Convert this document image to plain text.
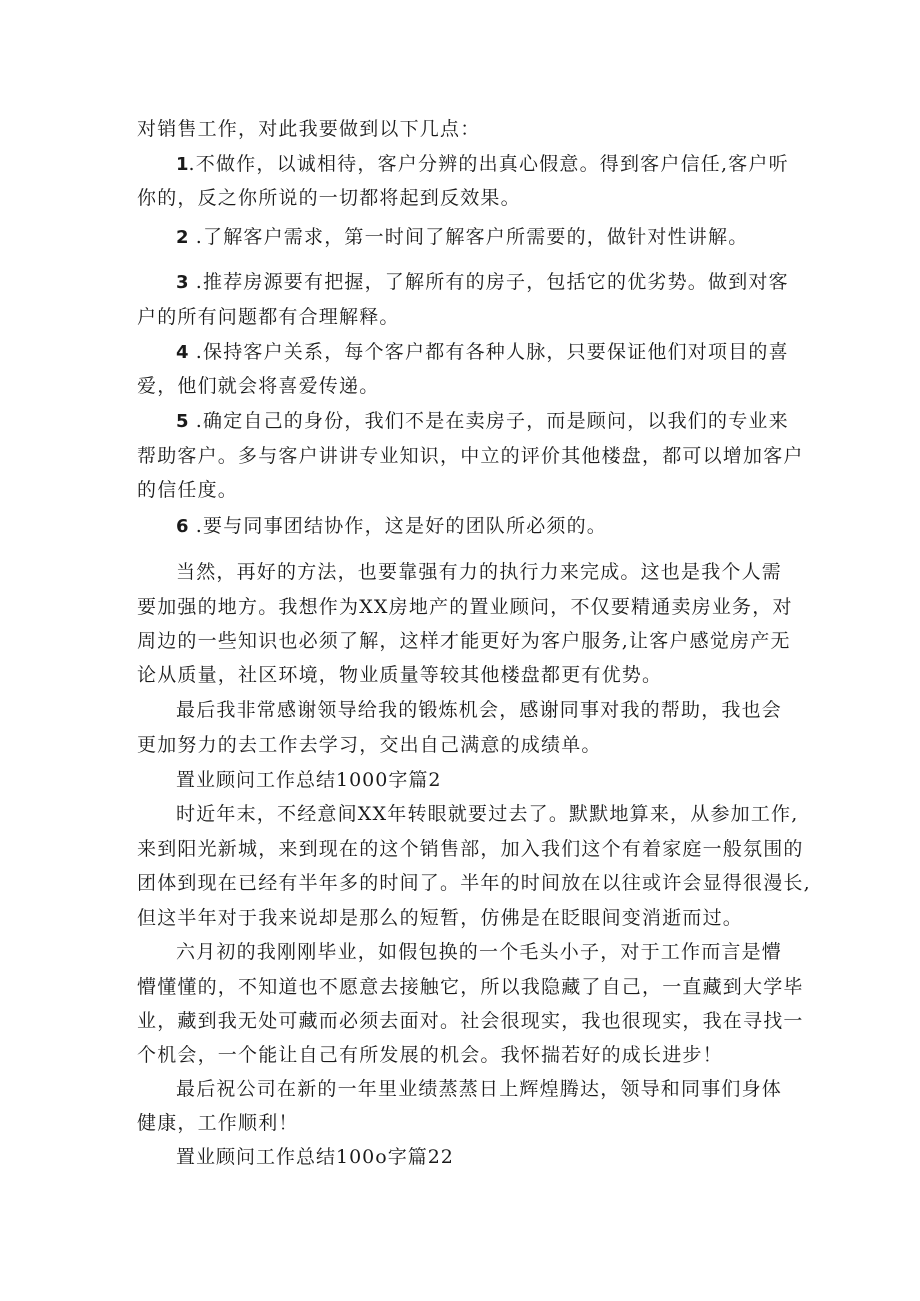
对销售工作，对此我要做到以下几点：
1.不做作，以诚相待，客户分辨的出真心假意。得到客户信任,客户听
你的，反之你所说的一切都将起到反效果。
2 .了解客户需求，第一时间了解客户所需要的，做针对性讲解。
3 .推荐房源要有把握，了解所有的房子，包括它的优劣势。做到对客
户的所有问题都有合理解释。
4 .保持客户关系，每个客户都有各种人脉，只要保证他们对项目的喜
爱，他们就会将喜爱传递。
5 .确定自己的身份，我们不是在卖房子，而是顾问，以我们的专业来
帮助客户。多与客户讲讲专业知识，中立的评价其他楼盘，都可以增加客户
的信任度。
6 .要与同事团结协作，这是好的团队所必须的。
当然，再好的方法，也要靠强有力的执行力来完成。这也是我个人需
要加强的地方。我想作为XX房地产的置业顾问，不仅要精通卖房业务，对
周边的一些知识也必须了解，这样才能更好为客户服务,让客户感觉房产无
论从质量，社区环境，物业质量等较其他楼盘都更有优势。
最后我非常感谢领导给我的锻炼机会，感谢同事对我的帮助，我也会
更加努力的去工作去学习，交出自己满意的成绩单。
置业顾问工作总结1000字篇2
时近年末，不经意间XX年转眼就要过去了。默默地算来，从参加工作,
来到阳光新城，来到现在的这个销售部，加入我们这个有着家庭一般氛围的
团体到现在已经有半年多的时间了。半年的时间放在以往或许会显得很漫长,
但这半年对于我来说却是那么的短暂，仿佛是在眨眼间变消逝而过。
六月初的我刚刚毕业，如假包换的一个毛头小子，对于工作而言是懵
懵懂懂的，不知道也不愿意去接触它，所以我隐藏了自己，一直藏到大学毕
业，藏到我无处可藏而必须去面对。社会很现实，我也很现实，我在寻找一
个机会，一个能让自己有所发展的机会。我怀揣若好的成长进步！
最后祝公司在新的一年里业绩蒸蒸日上辉煌腾达，领导和同事们身体
健康，工作顺利！
置业顾问工作总结100o字篇22
